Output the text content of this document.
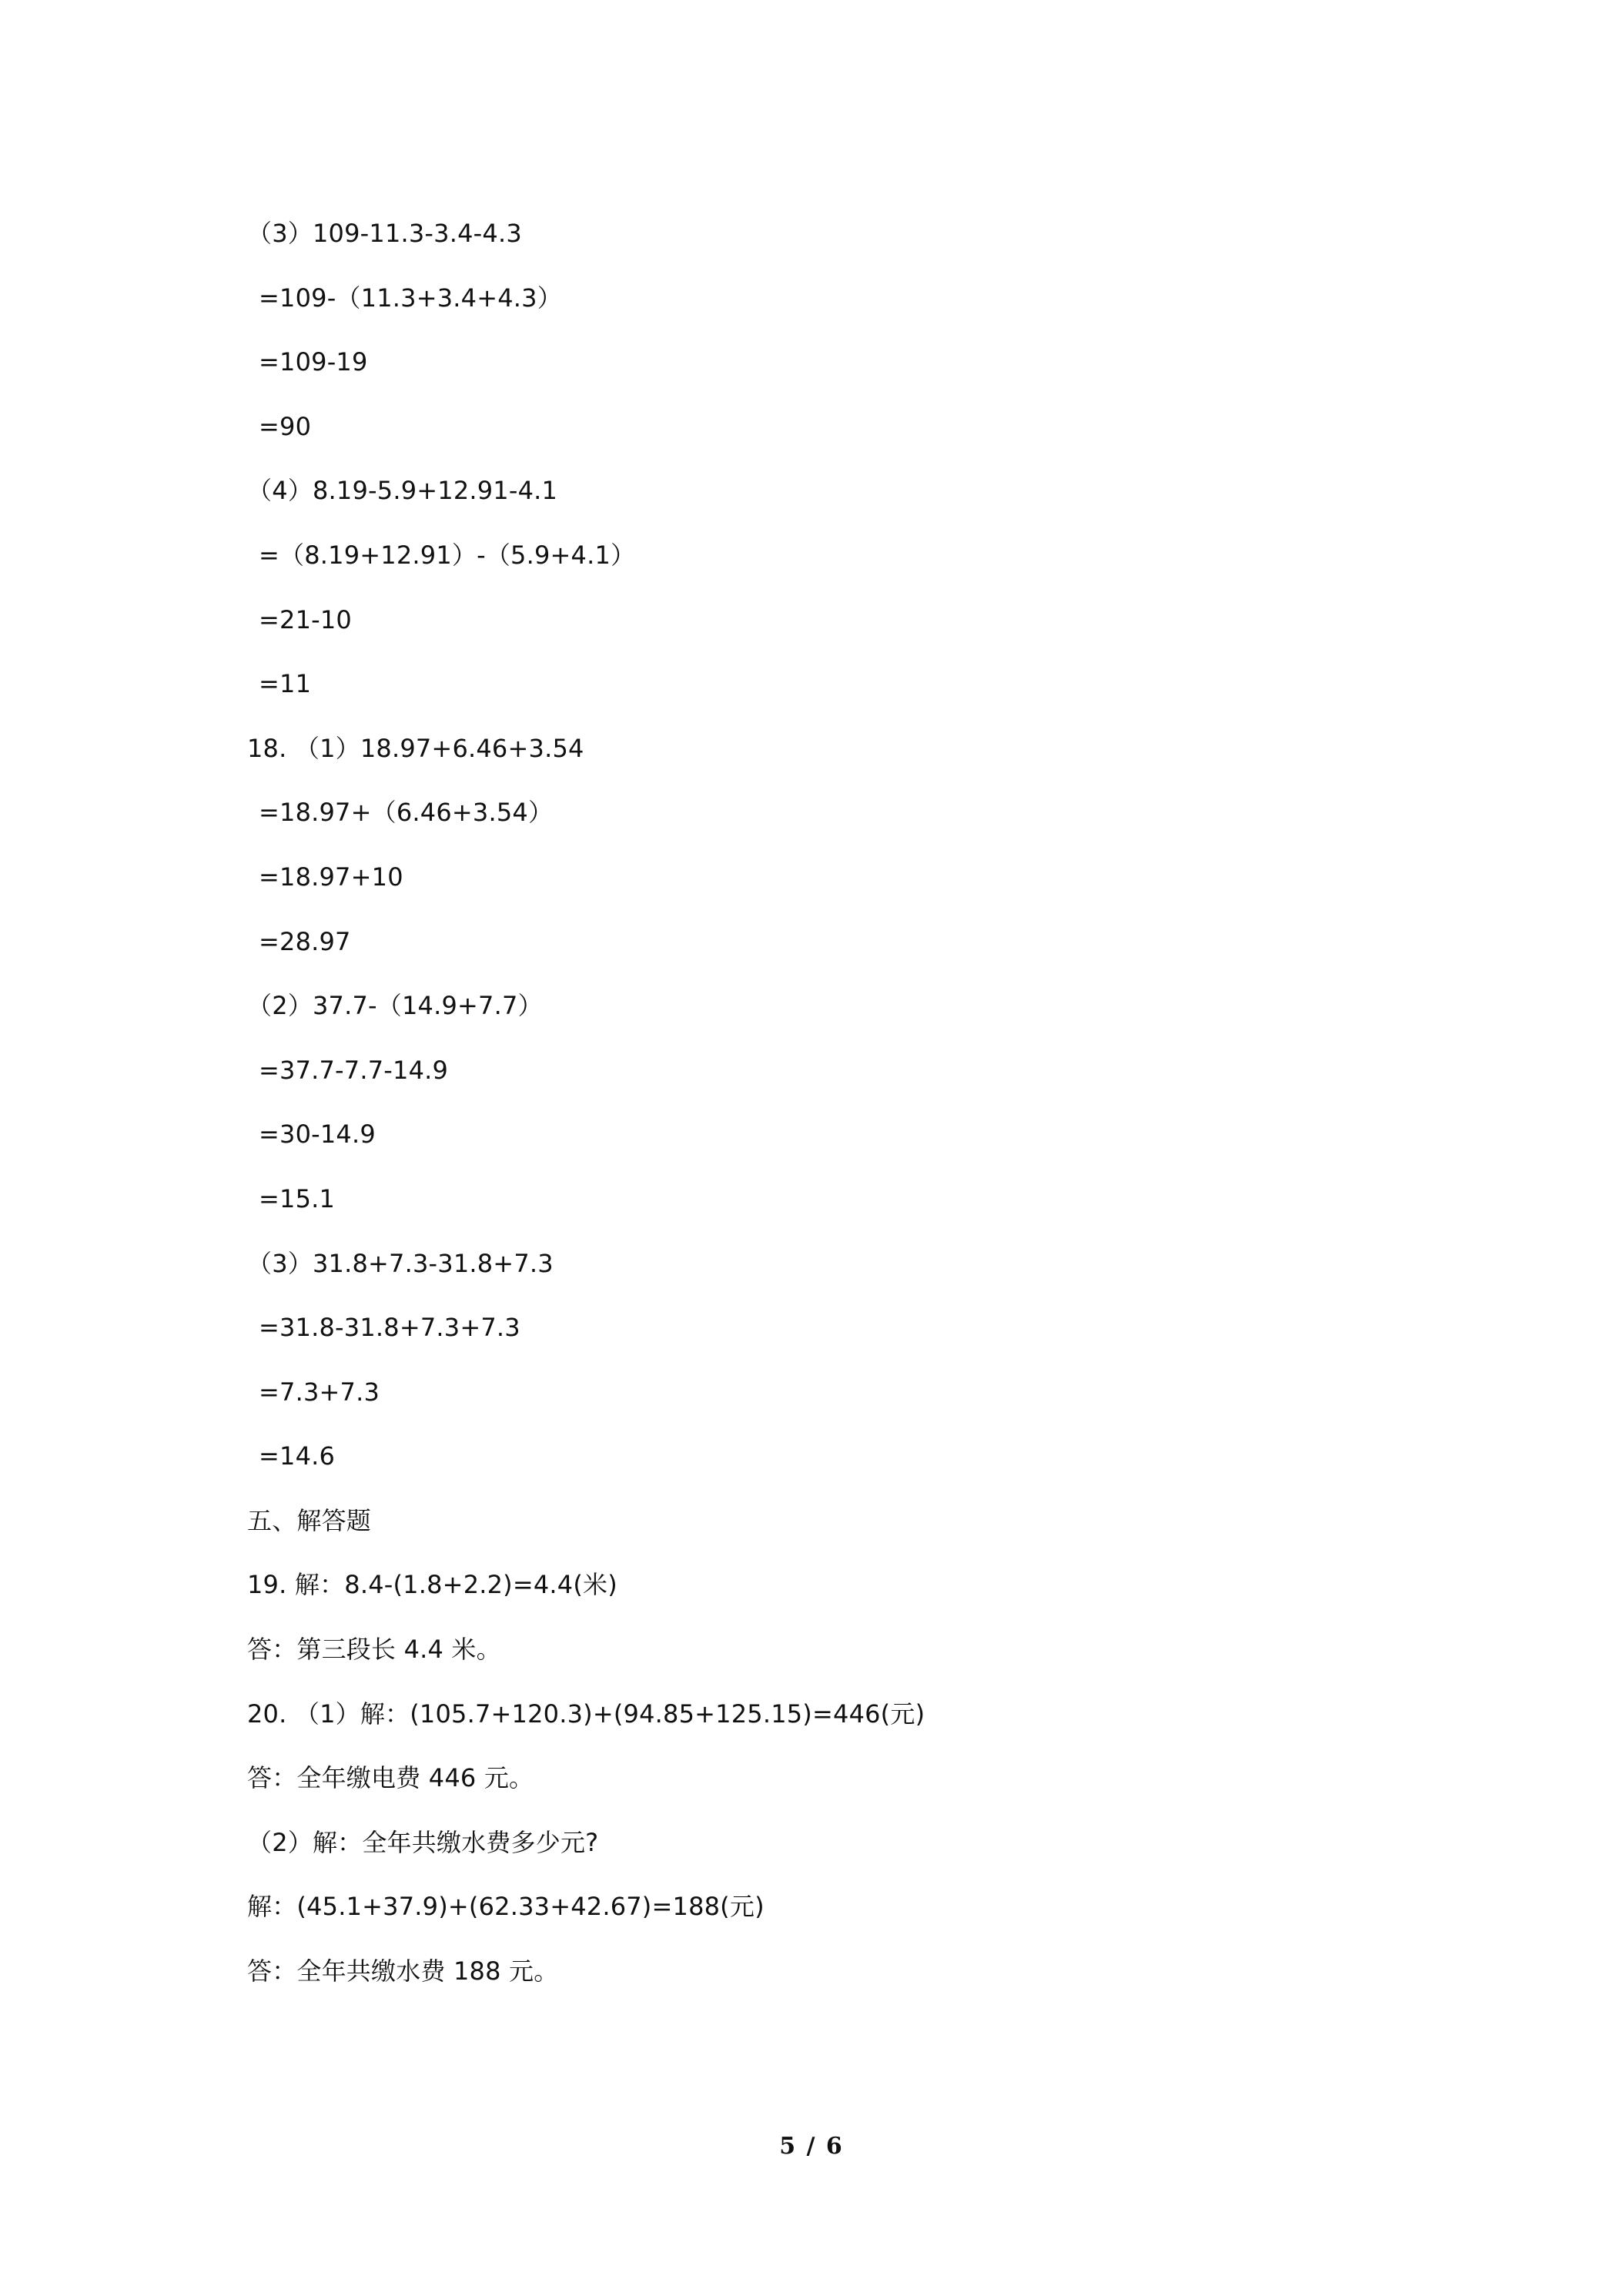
（3）109-11.3-3.4-4.3

=109-（11.3+3.4+4.3）

=109-19

=90

（4）8.19-5.9+12.91-4.1

=（8.19+12.91）-（5.9+4.1）

=21-10

=11

18. （1）18.97+6.46+3.54

=18.97+（6.46+3.54）

=18.97+10

=28.97

（2）37.7-（14.9+7.7）

=37.7-7.7-14.9

=30-14.9

=15.1

（3）31.8+7.3-31.8+7.3

=31.8-31.8+7.3+7.3

=7.3+7.3

=14.6

五、解答题

19. 解：8.4-(1.8+2.2)=4.4(米)

答：第三段长 4.4 米。

20. （1）解：(105.7+120.3)+(94.85+125.15)=446(元)

答：全年缴电费 446 元。

（2）解：全年共缴水费多少元?

解：(45.1+37.9)+(62.33+42.67)=188(元)

答：全年共缴水费 188 元。

5 / 6
